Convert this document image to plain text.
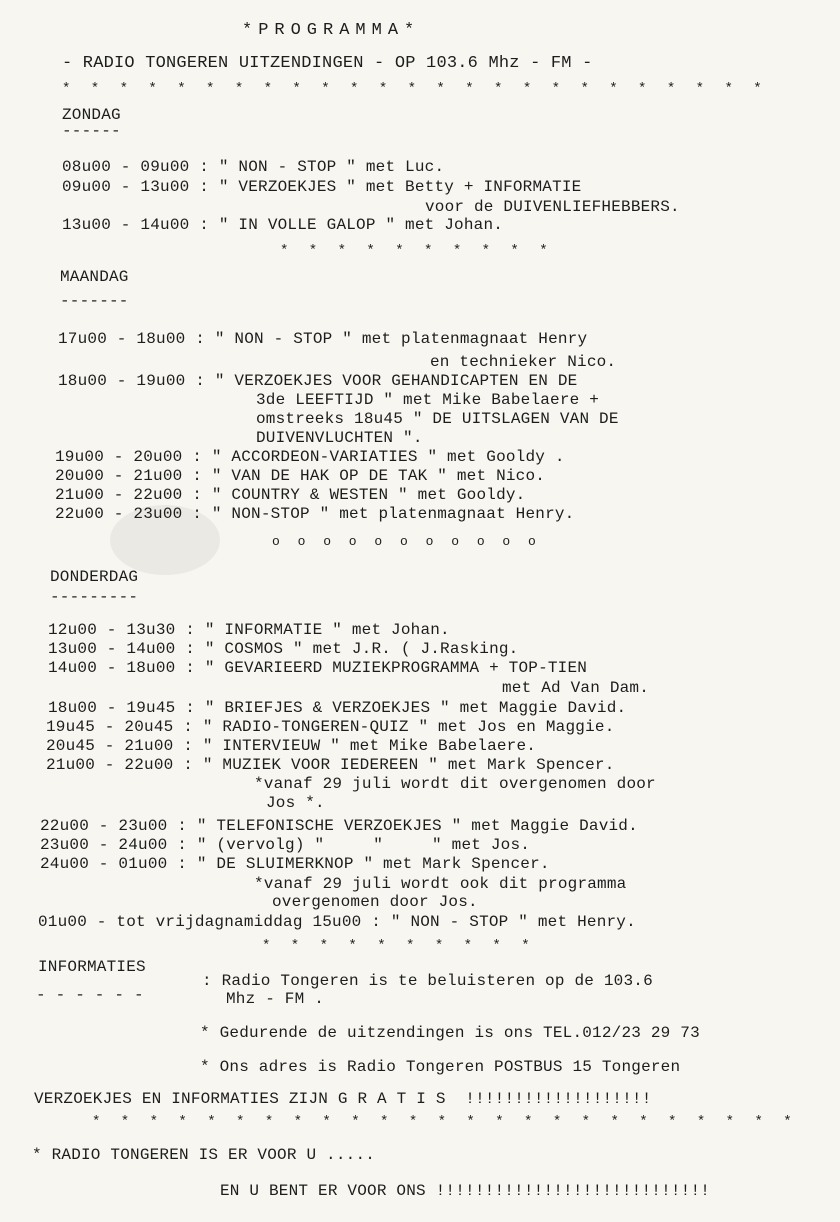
*PROGRAMMA*
- RADIO TONGEREN UITZENDINGEN - OP 103.6 Mhz - FM -
* * * * * * * * * * * * * * * * * * * * * * * * *
ZONDAG
------
08u00 - 09u00 : " NON - STOP " met Luc.
09u00 - 13u00 : " VERZOEKJES " met Betty + INFORMATIE
voor de DUIVENLIEFHEBBERS.
13u00 - 14u00 : " IN VOLLE GALOP " met Johan.
* * * * * * * * * *
MAANDAG
-------
17u00 - 18u00 : " NON - STOP " met platenmagnaat Henry
en technieker Nico.
18u00 - 19u00 : " VERZOEKJES VOOR GEHANDICAPTEN EN DE
3de LEEFTIJD " met Mike Babelaere +
omstreeks 18u45 " DE UITSLAGEN VAN DE
DUIVENVLUCHTEN ".
19u00 - 20u00 : " ACCORDEON-VARIATIES " met Gooldy .
20u00 - 21u00 : " VAN DE HAK OP DE TAK " met Nico.
21u00 - 22u00 : " COUNTRY & WESTEN " met Gooldy.
22u00 - 23u00 : " NON-STOP " met platenmagnaat Henry.
o o o o o o o o o o o
DONDERDAG
---------
12u00 - 13u30 : " INFORMATIE " met Johan.
13u00 - 14u00 : " COSMOS " met J.R. ( J.Rasking.
14u00 - 18u00 : " GEVARIEERD MUZIEKPROGRAMMA + TOP-TIEN
met Ad Van Dam.
18u00 - 19u45 : " BRIEFJES & VERZOEKJES " met Maggie David.
19u45 - 20u45 : " RADIO-TONGEREN-QUIZ " met Jos en Maggie.
20u45 - 21u00 : " INTERVIEUW " met Mike Babelaere.
21u00 - 22u00 : " MUZIEK VOOR IEDEREEN " met Mark Spencer.
*vanaf 29 juli wordt dit overgenomen door
Jos *.
22u00 - 23u00 : " TELEFONISCHE VERZOEKJES " met Maggie David.
23u00 - 24u00 : " (vervolg) "     "     " met Jos.
24u00 - 01u00 : " DE SLUIMERKNOP " met Mark Spencer.
*vanaf 29 juli wordt ook dit programma
overgenomen door Jos.
01u00 - tot vrijdagnamiddag 15u00 : " NON - STOP " met Henry.
* * * * * * * * * *
INFORMATIES
- - - - - -
: Radio Tongeren is te beluisteren op de 103.6
Mhz - FM .
* Gedurende de uitzendingen is ons TEL.012/23 29 73
* Ons adres is Radio Tongeren POSTBUS 15 Tongeren
VERZOEKJES EN INFORMATIES ZIJN G R A T I S  !!!!!!!!!!!!!!!!!!!
* * * * * * * * * * * * * * * * * * * * * * * * *
* RADIO TONGEREN IS ER VOOR U .....
EN U BENT ER VOOR ONS !!!!!!!!!!!!!!!!!!!!!!!!!!!!
